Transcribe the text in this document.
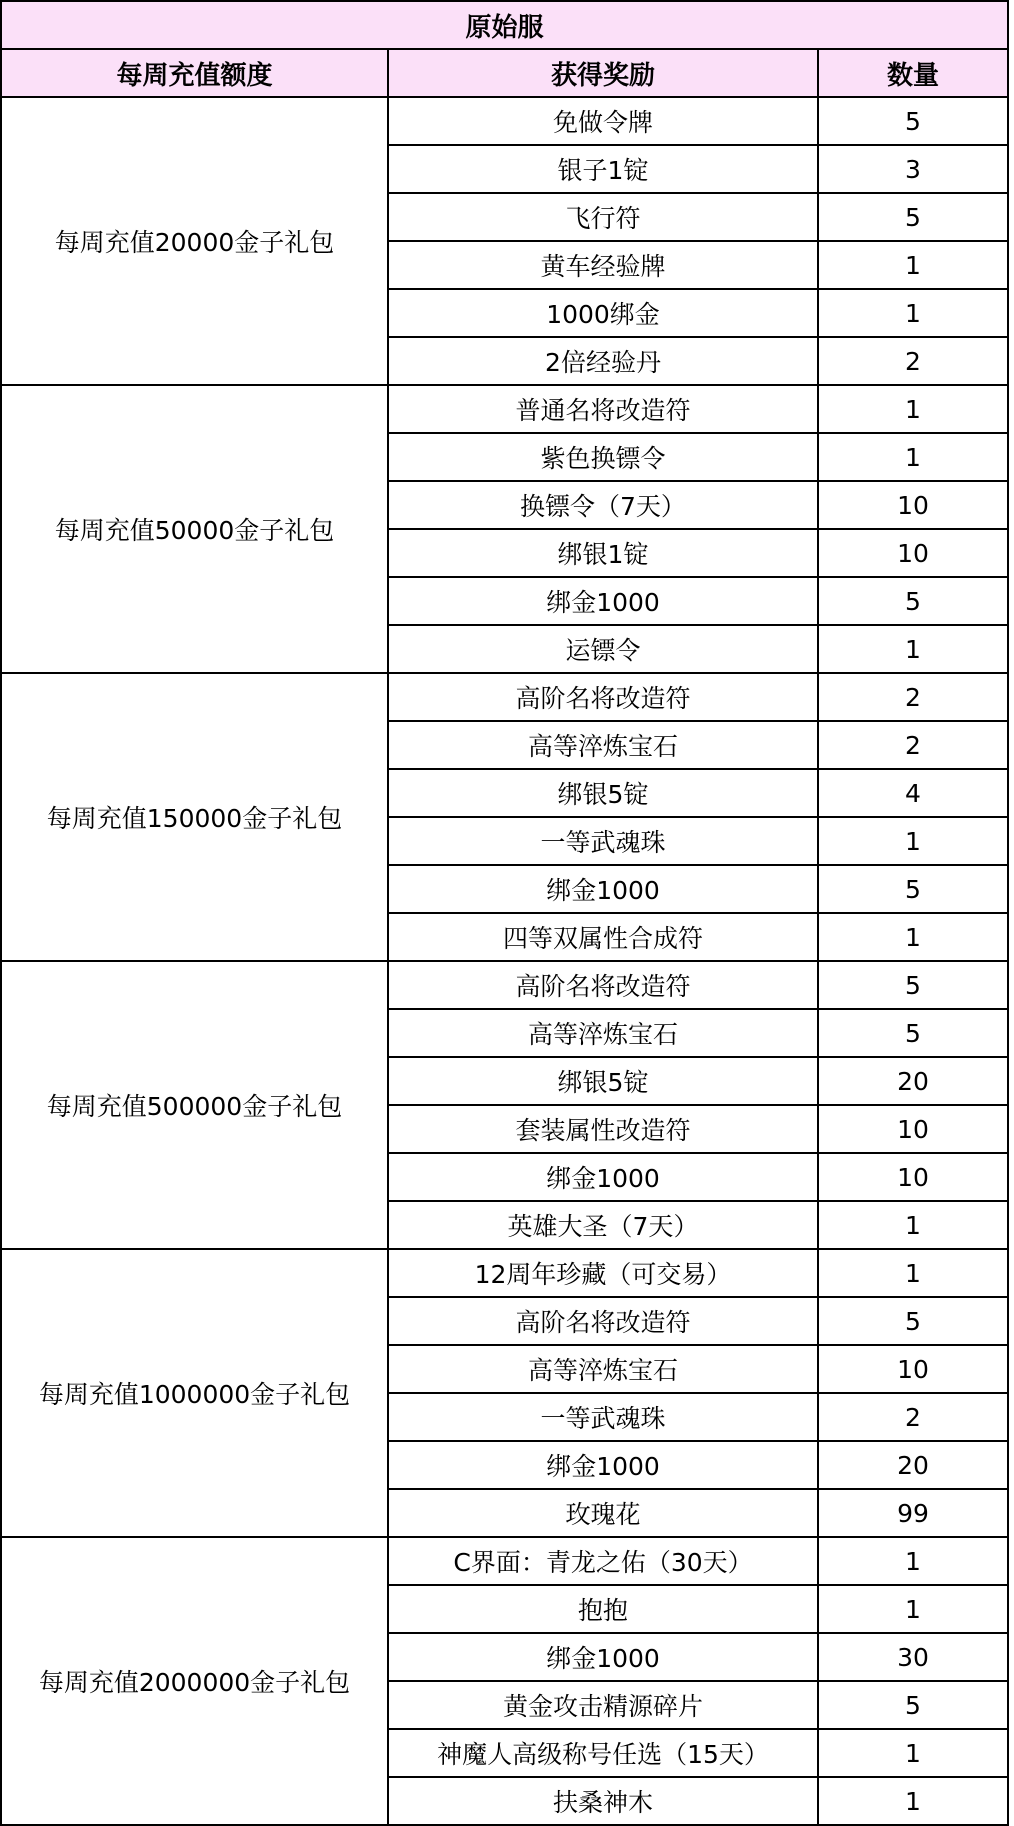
原始服		
每周充值额度	获得奖励	数量
每周充值20000金子礼包	免做令牌	5
	银子1锭	3
	飞行符	5
	黄车经验牌	1
	1000绑金	1
	2倍经验丹	2
每周充值50000金子礼包	普通名将改造符	1
	紫色换镖令	1
	换镖令（7天）	10
	绑银1锭	10
	绑金1000	5
	运镖令	1
每周充值150000金子礼包	高阶名将改造符	2
	高等淬炼宝石	2
	绑银5锭	4
	一等武魂珠	1
	绑金1000	5
	四等双属性合成符	1
每周充值500000金子礼包	高阶名将改造符	5
	高等淬炼宝石	5
	绑银5锭	20
	套装属性改造符	10
	绑金1000	10
	英雄大圣（7天）	1
每周充值1000000金子礼包	12周年珍藏（可交易）	1
	高阶名将改造符	5
	高等淬炼宝石	10
	一等武魂珠	2
	绑金1000	20
	玫瑰花	99
每周充值2000000金子礼包	C界面：青龙之佑（30天）	1
	抱抱	1
	绑金1000	30
	黄金攻击精源碎片	5
	神魔人高级称号任选（15天）	1
	扶桑神木	1
